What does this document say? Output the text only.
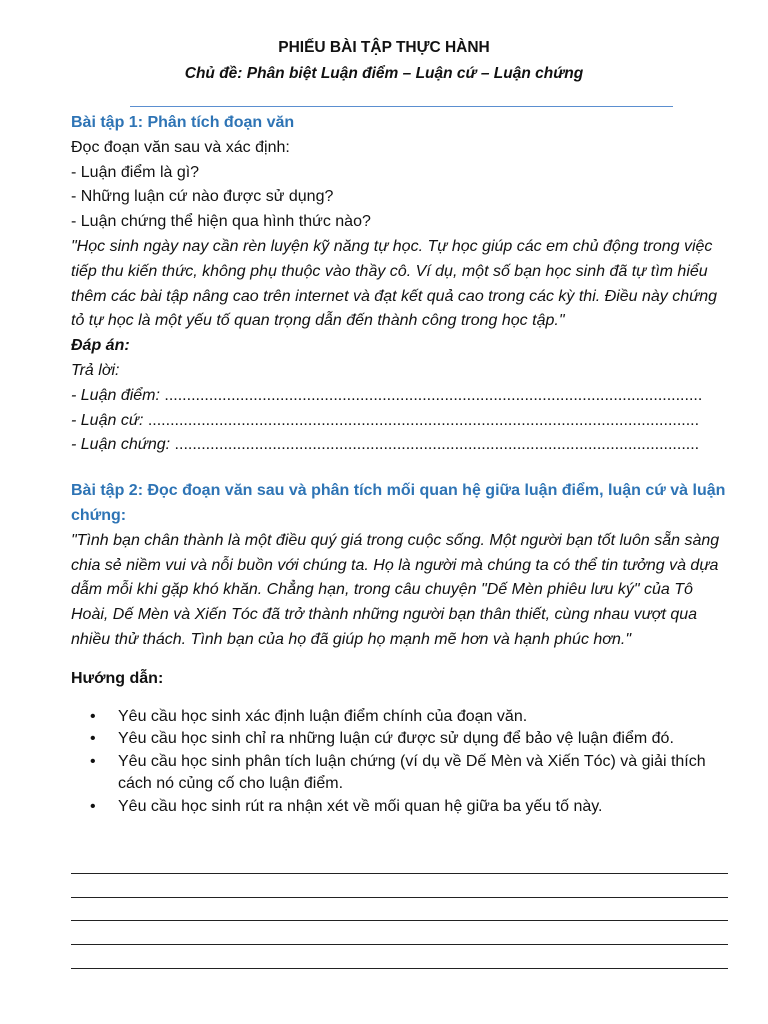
PHIẾU BÀI TẬP THỰC HÀNH
Chủ đề: Phân biệt Luận điểm – Luận cứ – Luận chứng

Bài tập 1: Phân tích đoạn văn

Đọc đoạn văn sau và xác định:

- Luận điểm là gì?

- Những luận cứ nào được sử dụng?

- Luận chứng thể hiện qua hình thức nào?

"Học sinh ngày nay cần rèn luyện kỹ năng tự học. Tự học giúp các em chủ động trong việc tiếp thu kiến thức, không phụ thuộc vào thầy cô. Ví dụ, một số bạn học sinh đã tự tìm hiểu thêm các bài tập nâng cao trên internet và đạt kết quả cao trong các kỳ thi. Điều này chứng tỏ tự học là một yếu tố quan trọng dẫn đến thành công trong học tập."

Đáp án:

Trả lời:

- Luận điểm: .........................................................................................................................

- Luận cứ: ............................................................................................................................

- Luận chứng: ......................................................................................................................

Bài tập 2: Đọc đoạn văn sau và phân tích mối quan hệ giữa luận điểm, luận cứ và luận chứng:

"Tình bạn chân thành là một điều quý giá trong cuộc sống. Một người bạn tốt luôn sẵn sàng chia sẻ niềm vui và nỗi buồn với chúng ta. Họ là người mà chúng ta có thể tin tưởng và dựa dẫm mỗi khi gặp khó khăn. Chẳng hạn, trong câu chuyện "Dế Mèn phiêu lưu ký" của Tô Hoài, Dế Mèn và Xiến Tóc đã trở thành những người bạn thân thiết, cùng nhau vượt qua nhiều thử thách. Tình bạn của họ đã giúp họ mạnh mẽ hơn và hạnh phúc hơn."

Hướng dẫn:

• Yêu cầu học sinh xác định luận điểm chính của đoạn văn.
• Yêu cầu học sinh chỉ ra những luận cứ được sử dụng để bảo vệ luận điểm đó.
• Yêu cầu học sinh phân tích luận chứng (ví dụ về Dế Mèn và Xiến Tóc) và giải thích cách nó củng cố cho luận điểm.
• Yêu cầu học sinh rút ra nhận xét về mối quan hệ giữa ba yếu tố này.
